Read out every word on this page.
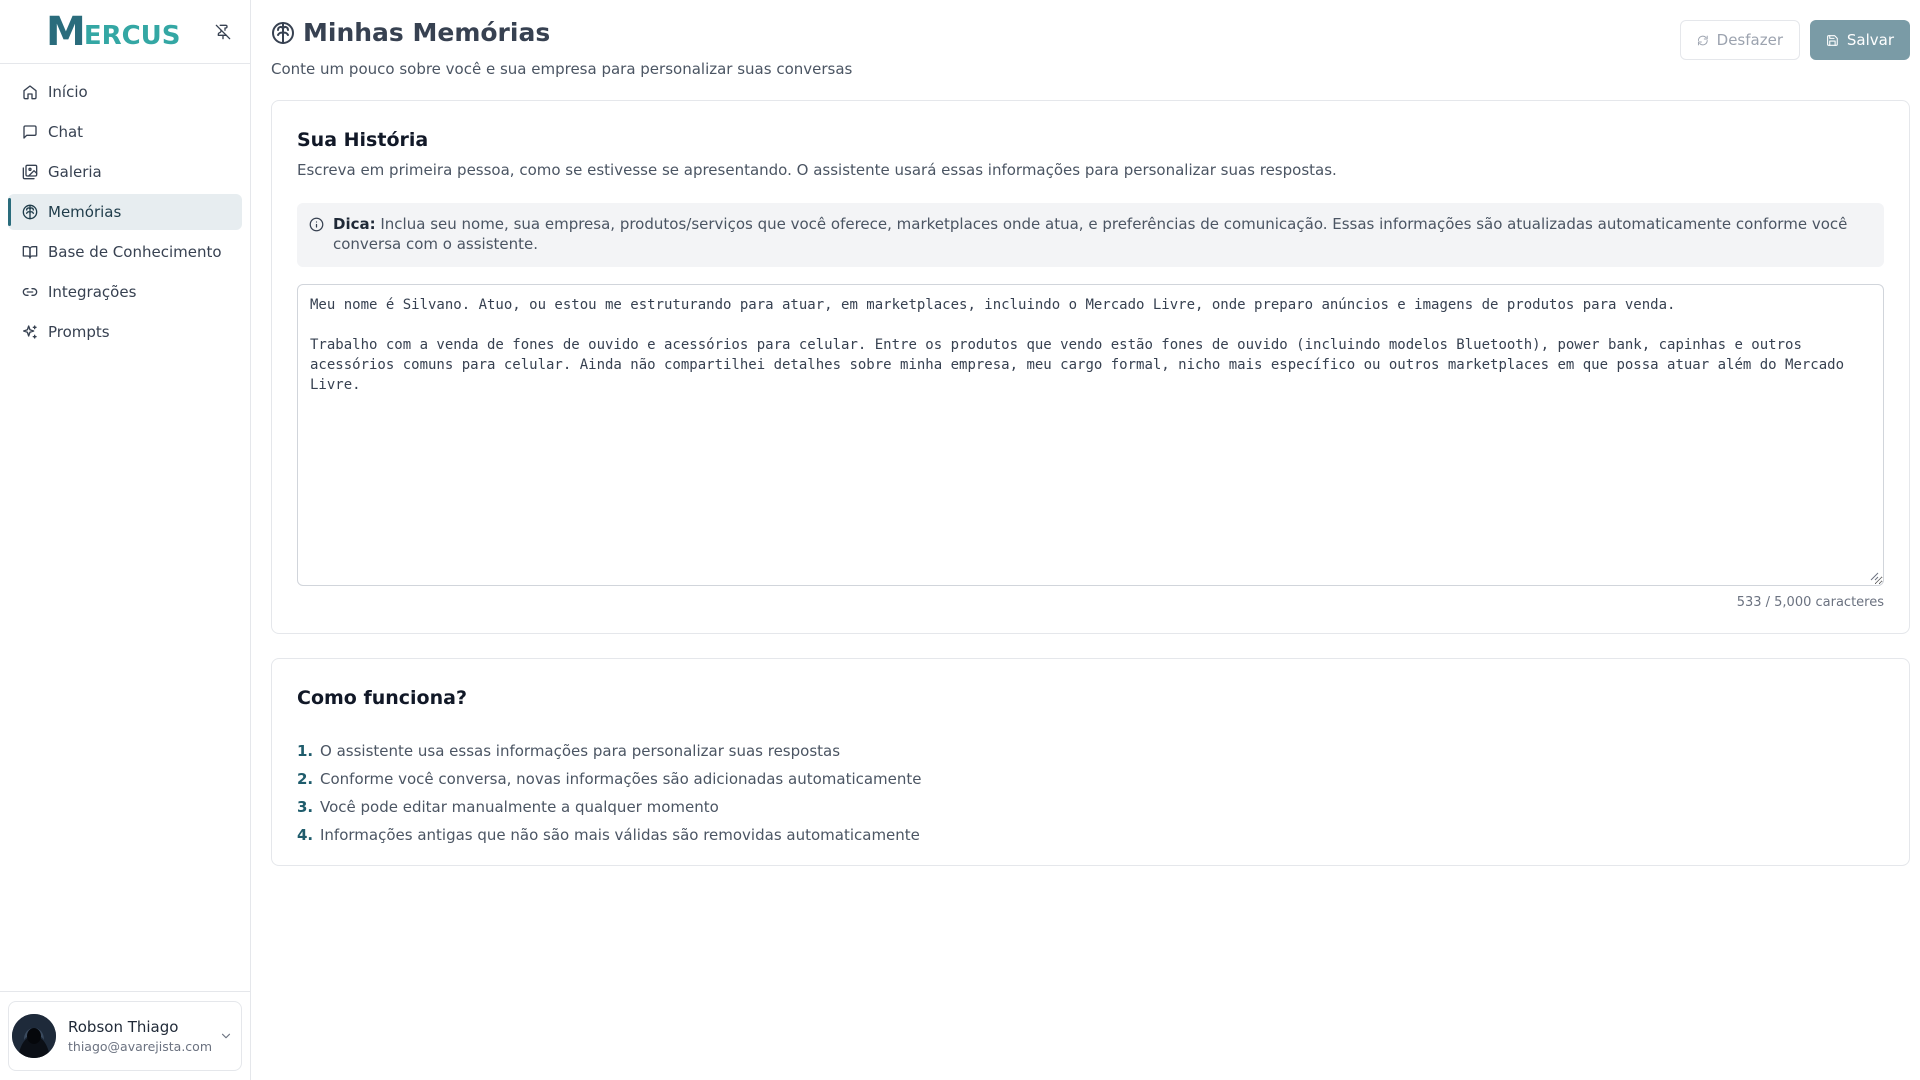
M ERCUS
Início
Chat
Galeria
Memórias
Base de Conhecimento
Integrações
Prompts
Robson Thiago
thiago@avarejista.com
Minhas Memórias

Conte um pouco sobre você e sua empresa para personalizar suas conversas

Desfazer	Salvar
Sua História

Escreva em primeira pessoa, como se estivesse se apresentando. O assistente usará essas informações para personalizar suas respostas.

Dica: Inclua seu nome, sua empresa, produtos/serviços que você oferece, marketplaces onde atua, e preferências de comunicação. Essas informações são atualizadas automaticamente conforme você conversa com o assistente.
Meu nome é Silvano. Atuo, ou estou me estruturando para atuar, em marketplaces, incluindo o Mercado Livre, onde preparo anúncios e imagens de produtos para venda.

Trabalho com a venda de fones de ouvido e acessórios para celular. Entre os produtos que vendo estão fones de ouvido (incluindo modelos Bluetooth), power bank, capinhas e outros acessórios comuns para celular. Ainda não compartilhei detalhes sobre minha empresa, meu cargo formal, nicho mais específico ou outros marketplaces em que possa atuar além do Mercado Livre.
533 / 5,000 caracteres
Como funciona?
1. O assistente usa essas informações para personalizar suas respostas
2. Conforme você conversa, novas informações são adicionadas automaticamente
3. Você pode editar manualmente a qualquer momento
4. Informações antigas que não são mais válidas são removidas automaticamente
